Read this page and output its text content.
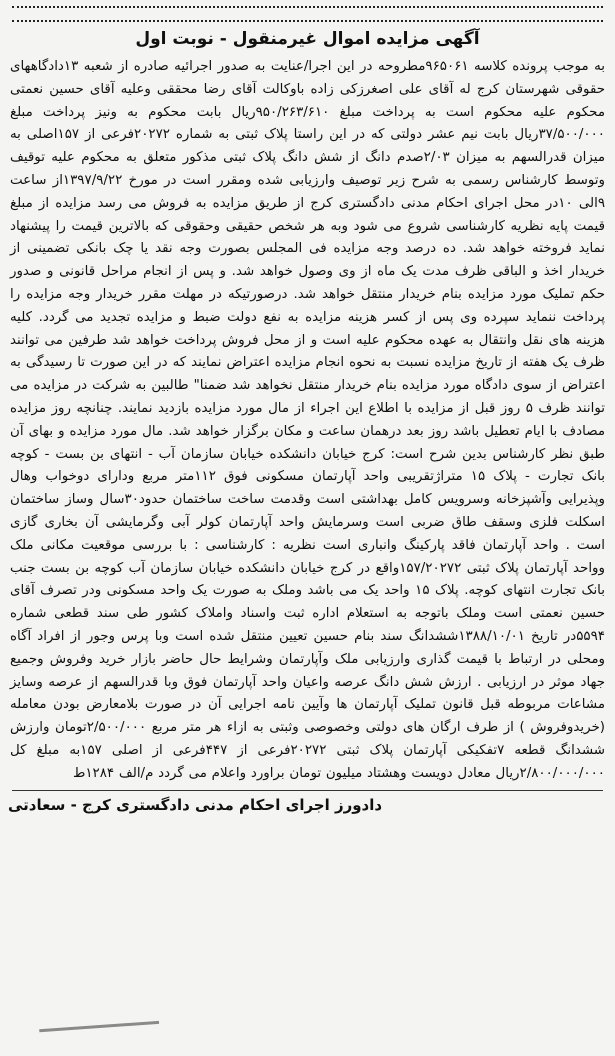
آگهی مزایده اموال غیرمنقول - نوبت اول

به موجب پرونده کلاسه ۹۶۵۰۶۱مطروحه در این اجرا/عنایت به صدور اجرائیه صادره از شعبه ۱۳دادگاههای حقوقی شهرستان کرج له آقای علی اصغرزکی زاده باوکالت آقای رضا محققی وعلیه آقای حسین نعمتی محکوم علیه محکوم است به پرداخت مبلغ ۹۵۰/۲۶۳/۶۱۰ریال بابت محکوم به ونیز پرداخت مبلغ ۳۷/۵۰۰/۰۰۰ریال بابت نیم عشر دولتی که در این راستا پلاک ثبتی به شماره ۲۰۲۷۲فرعی از ۱۵۷اصلی به میزان قدرالسهم به میزان ۲/۰۳صدم دانگ از شش دانگ پلاک ثبتی مذکور متعلق به محکوم علیه توقیف وتوسط کارشناس رسمی به شرح زیر توصیف وارزیابی شده ومقرر است در مورخ ۱۳۹۷/۹/۲۲از ساعت ۹الی ۱۰در محل اجرای احکام مدنی دادگستری کرج از طریق مزایده به فروش می رسد مزایده از مبلغ قیمت پایه نظریه کارشناسی شروع می شود وبه هر شخص حقیقی وحقوقی که بالاترین قیمت را پیشنهاد نماید فروخته خواهد شد. ده درصد وجه مزایده فی المجلس بصورت وجه نقد یا چک بانکی تضمینی از خریدار اخذ و الباقی ظرف مدت یک ماه از وی وصول خواهد شد. و پس از انجام مراحل قانونی و صدور حکم تملیک مورد مزایده بنام خریدار منتقل خواهد شد. درصورتیکه در مهلت مقرر خریدار وجه مزایده را پرداخت ننماید سپرده وی پس از کسر هزینه مزایده به نفع دولت ضبط و مزایده تجدید می گردد. کلیه هزینه های نقل وانتقال به عهده محکوم علیه است و از محل فروش پرداخت خواهد شد طرفین می توانند ظرف یک هفته از تاریخ مزایده نسبت به نحوه انجام مزایده اعتراض نمایند که در این صورت تا رسیدگی به اعتراض از سوی دادگاه مورد مزایده بنام خریدار منتقل نخواهد شد ضمنا" طالبین به شرکت در مزایده می توانند ظرف ۵ روز قبل از مزایده با اطلاع این اجراء از مال مورد مزایده بازدید نمایند. چنانچه روز مزایده مصادف با ایام تعطیل باشد روز بعد درهمان ساعت و مکان برگزار خواهد شد. مال مورد مزایده و بهای آن طبق نظر کارشناس بدین شرح است: کرج خیابان دانشکده خیابان سازمان آب - انتهای بن بست - کوچه بانک تجارت - پلاک ۱۵ متراژتقریبی واحد آپارتمان مسکونی فوق ۱۱۲متر مربع ودارای دوخواب وهال وپذیرایی وآشپزخانه وسرویس کامل بهداشتی است وقدمت ساخت ساختمان حدود۳۰سال وساز ساختمان اسکلت فلزی وسقف طاق ضربی است وسرمایش واحد آپارتمان کولر آبی وگرمایشی آن بخاری گازی است . واحد آپارتمان فاقد پارکینگ وانباری است نظریه : کارشناسی : با بررسی موقعیت مکانی ملک وواحد آپارتمان پلاک ثبتی ۱۵۷/۲۰۲۷۲واقع در کرج خیابان دانشکده خیابان سازمان آب کوچه بن بست جنب بانک تجارت انتهای کوچه. پلاک ۱۵ واحد یک می باشد وملک به صورت یک واحد مسکونی ودر تصرف آقای حسین نعمتی است وملک باتوجه به استعلام اداره ثبت واسناد واملاک کشور طی سند قطعی شماره ۵۵۹۴در تاریخ ۱۳۸۸/۱۰/۰۱ششدانگ سند بنام حسین تعیین منتقل شده است وبا پرس وجور از افراد آگاه ومحلی در ارتباط با قیمت گذاری وارزیابی ملک وآپارتمان وشرایط حال حاضر بازار خرید وفروش وجمیع جهاد موثر در ارزیابی . ارزش شش دانگ عرصه واعیان واحد آپارتمان فوق وبا قدرالسهم از عرصه وسایز مشاعات مربوطه قبل قانون تملیک آپارتمان ها وآیین نامه اجرایی آن در صورت بلامعارض بودن معامله (خریدوفروش ) از طرف ارگان های دولتی وخصوصی وثبتی به ازاء هر متر مربع ۲/۵۰۰/۰۰۰تومان وارزش ششدانگ قطعه ۷تفکیکی آپارتمان پلاک ثبتی ۲۰۲۷۲فرعی از ۴۴۷فرعی از اصلی ۱۵۷به مبلغ کل ۲/۸۰۰/۰۰۰/۰۰۰ریال معادل دویست وهشتاد میلیون تومان براورد واعلام می گردد م/الف ۱۲۸۴ط

دادورز اجرای احکام مدنی دادگستری کرج - سعادتی
